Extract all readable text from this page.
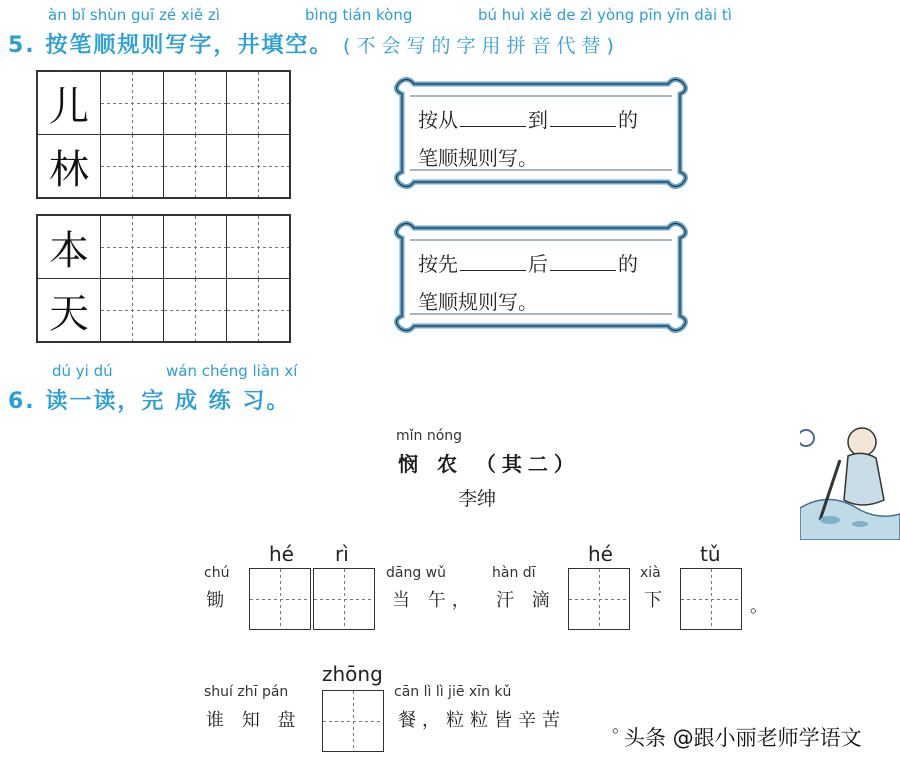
àn bǐ shùn guī zé xiě zì	bìng tián kòng	bú huì xiě de zì yòng pīn yīn dài tì
5. 按笔顺规则写字，井填空。 (不会写的字用拼音代替)
儿			
林			
本			
天			
按从	到	的
笔顺规则写。
按先	后	的
笔顺规则写。
dú yi dú	wán chéng liàn xí
6. 读一读，完 成 练 习。
mǐn nóng
悯 农 （其二）
李绅
hé rì	hé	tǔ
chú
锄
dāng wǔ
当 午，
hàn dī
汗 滴
xià
下	。
zhōng
shuí zhī pán
谁 知 盘
cān lì lì jiē xīn kǔ
餐，粒粒皆辛苦	。
头条 @跟小丽老师学语文
